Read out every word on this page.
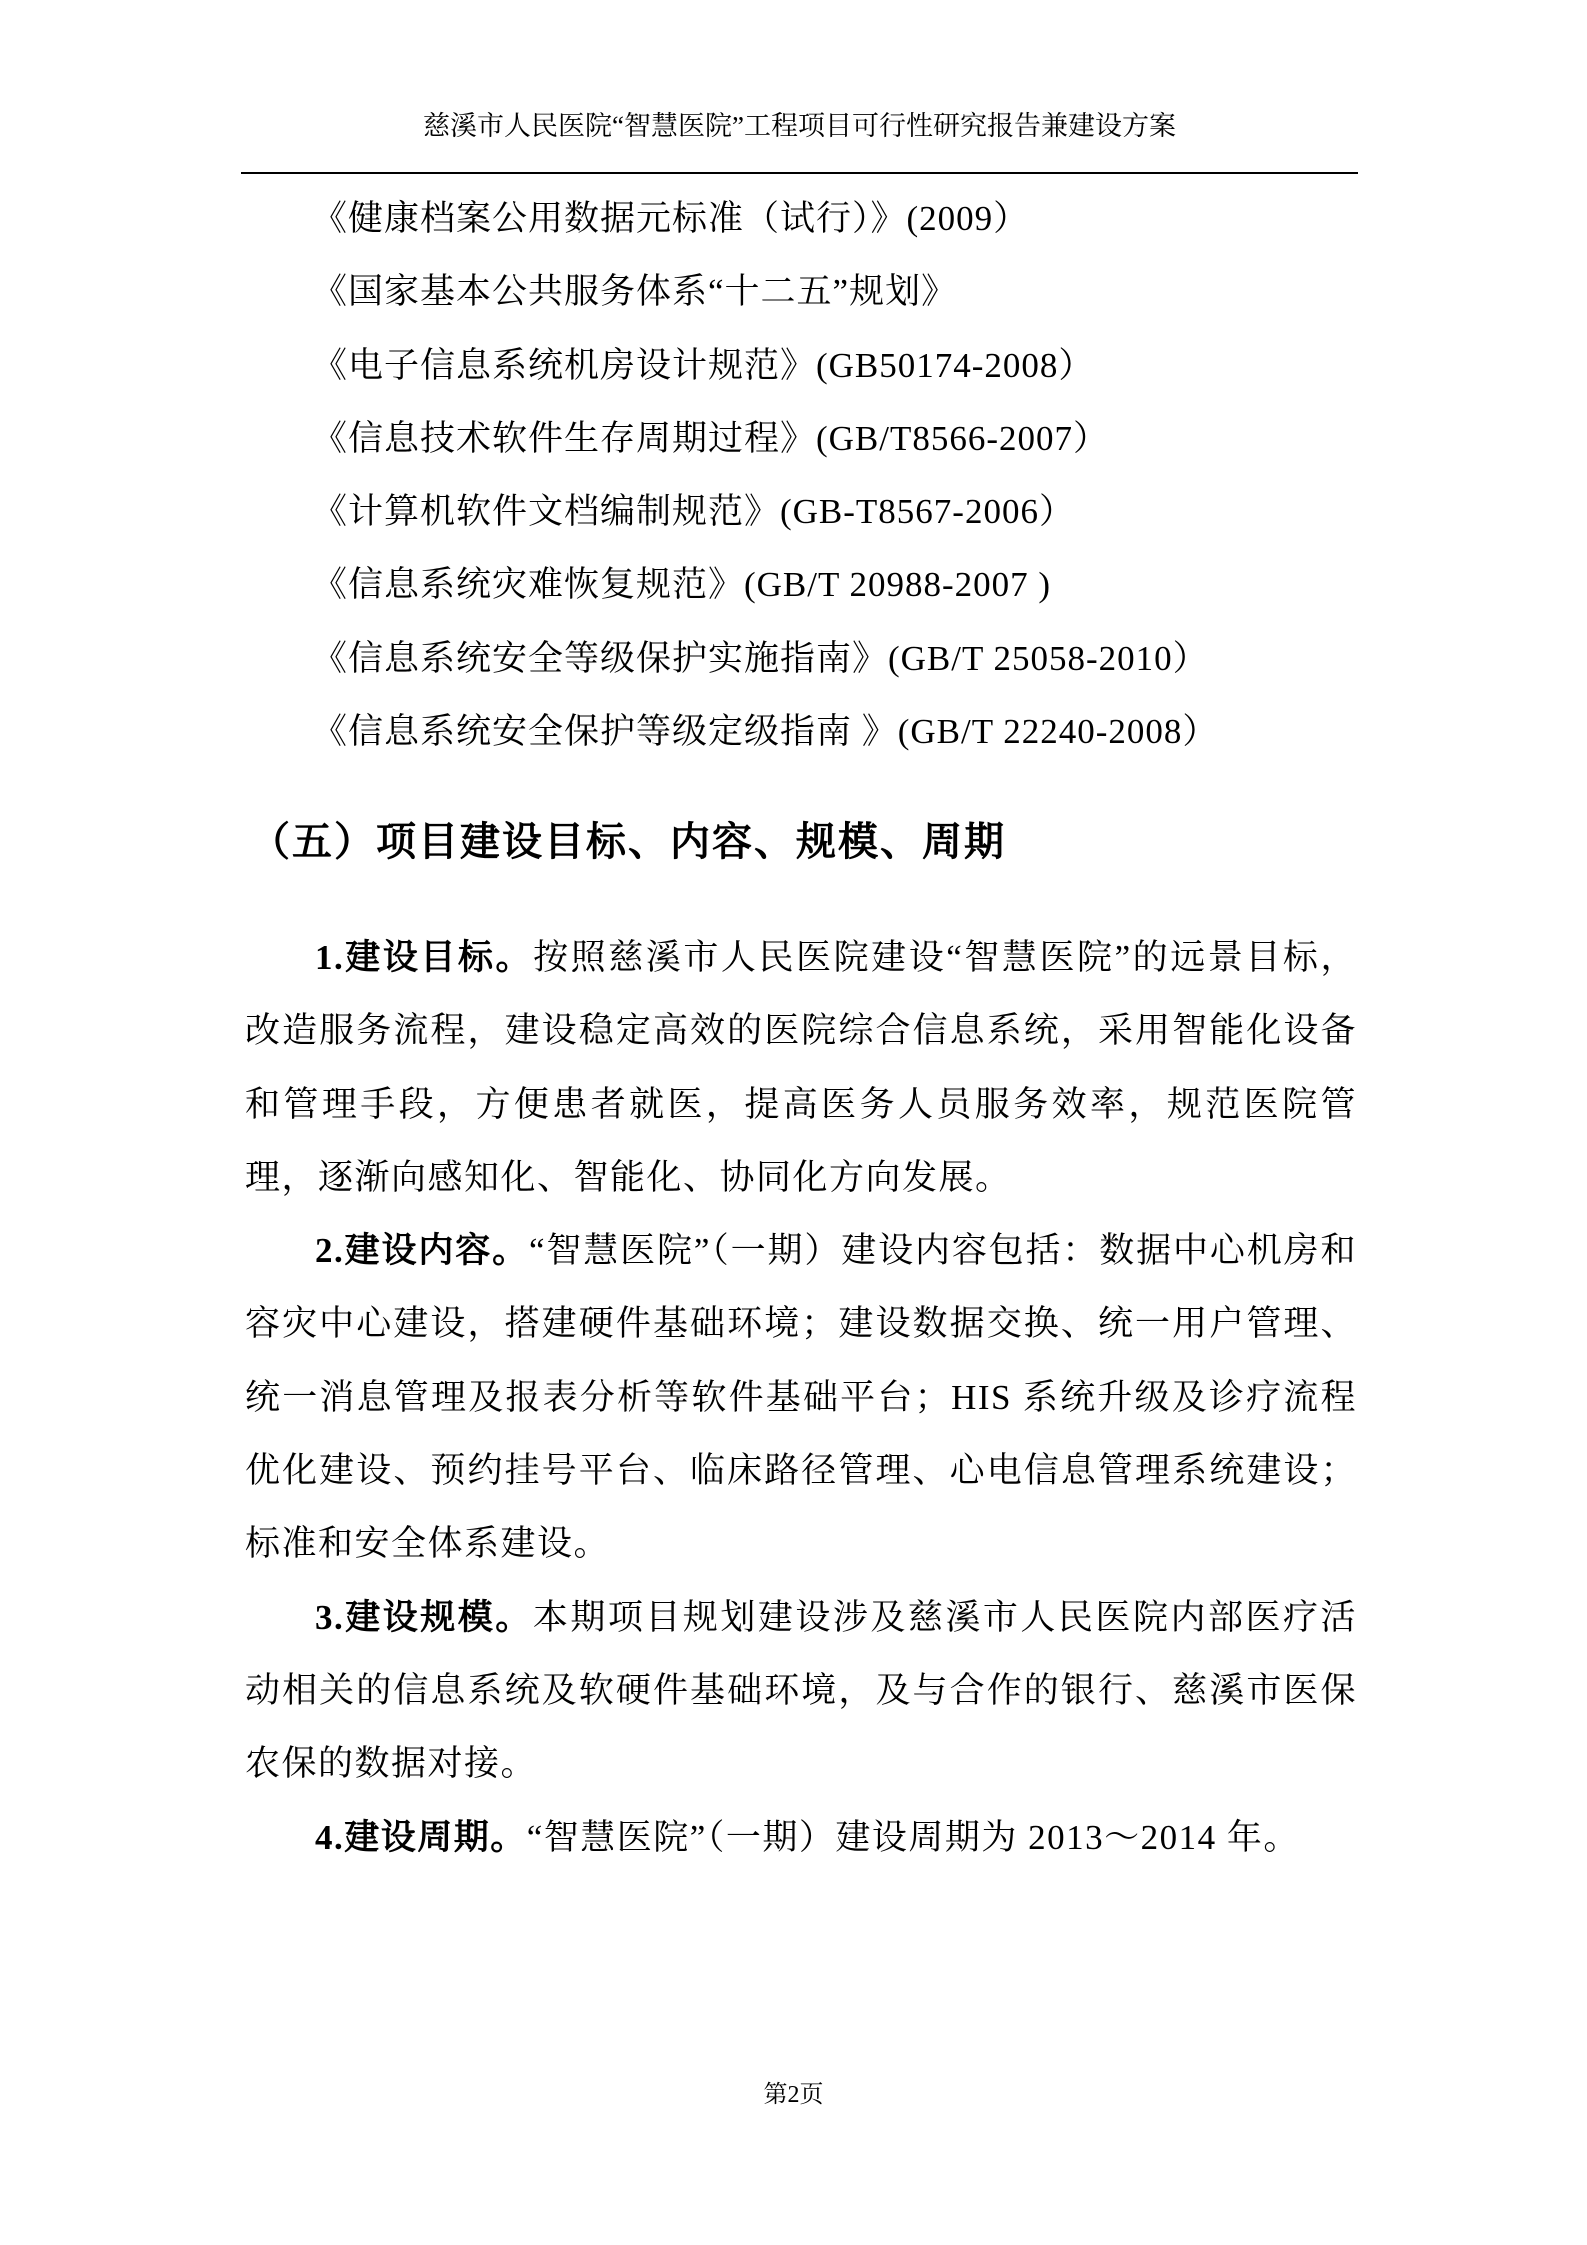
慈溪市人民医院“智慧医院”工程项目可行性研究报告兼建设方案
《健康档案公用数据元标准（试行）》(2009）
《国家基本公共服务体系“十二五”规划》
《电子信息系统机房设计规范》(GB50174-2008）
《信息技术软件生存周期过程》(GB/T8566-2007）
《计算机软件文档编制规范》(GB-T8567-2006）
《信息系统灾难恢复规范》(GB/T 20988-2007 )
《信息系统安全等级保护实施指南》(GB/T 25058-2010）
《信息系统安全保护等级定级指南 》(GB/T 22240-2008）
（五）项目建设目标、内容、规模、周期

1.建设目标。按照慈溪市人民医院建设“智慧医院”的远景目标，改造服务流程，建设稳定高效的医院综合信息系统，采用智能化设备和管理手段，方便患者就医，提高医务人员服务效率，规范医院管理，逐渐向感知化、智能化、协同化方向发展。

2.建设内容。“智慧医院”（一期）建设内容包括：数据中心机房和容灾中心建设，搭建硬件基础环境；建设数据交换、统一用户管理、统一消息管理及报表分析等软件基础平台；HIS 系统升级及诊疗流程优化建设、预约挂号平台、临床路径管理、心电信息管理系统建设；标准和安全体系建设。

3.建设规模。本期项目规划建设涉及慈溪市人民医院内部医疗活动相关的信息系统及软硬件基础环境，及与合作的银行、慈溪市医保农保的数据对接。

4.建设周期。“智慧医院”（一期）建设周期为 2013～2014 年。

第2页
